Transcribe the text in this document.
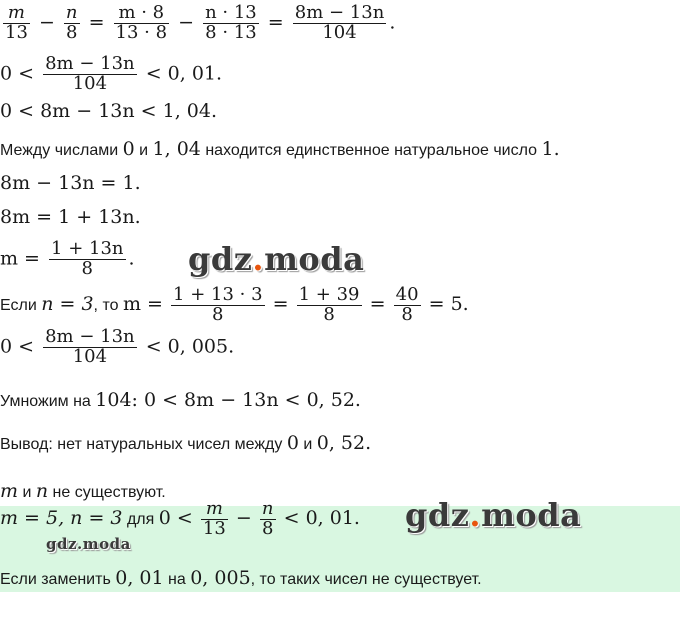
$\frac{m}{13} - \frac{n}{8} = \frac{m \cdot 8}{13 \cdot 8} - \frac{n \cdot 13}{8 \cdot 13} = \frac{8m - 13n}{104}$ .
$0 < \frac{8m - 13n}{104} < 0$, 01.
0 < 8m − 13n < 1, 04.
Между числами 0 и 1, 04 находится единственное натуральное число 1.
8m − 13n = 1.
8m = 1 + 13n.
$m = \frac{1 + 13n}{8}$ .
Если n = 3, то $m = \frac{1 + 13 \cdot 3}{8} = \frac{1 + 39}{8} = \frac{40}{8} = 5$.
$0 < \frac{8m - 13n}{104} < 0$, 005.
Умножим на 104: 0 < 8m − 13n < 0, 52.
Вывод: нет натуральных чисел между 0 и 0, 52.
m и n не существуют.
m = 5, n = 3 для $0 < \frac{m}{13} - \frac{n}{8} < 0$, 01.
Если заменить 0, 01 на 0, 005, то таких чисел не существует.
gdz.moda
gdz.moda
gdz.moda
